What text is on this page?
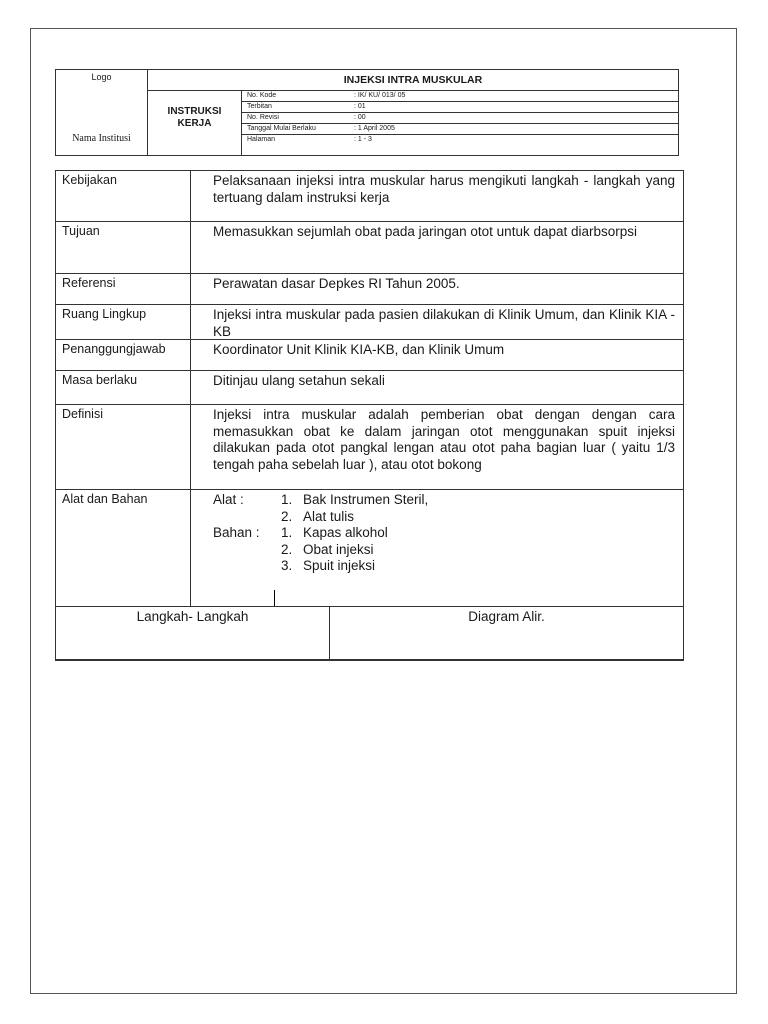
Logo
Nama Institusi
INJEKSI INTRA MUSKULAR
INSTRUKSI
KERJA
No. Kode	: IK/ KU/ 013/ 05
Terbitan	: 01
No. Revisi	: 00
Tanggal Mulai Berlaku	: 1 April 2005
Halaman	: 1 - 3
Kebijakan	Pelaksanaan injeksi intra muskular harus mengikuti langkah - langkah yang tertuang dalam instruksi kerja
Tujuan	Memasukkan sejumlah obat pada jaringan otot untuk dapat diarbsorpsi
Referensi	Perawatan dasar Depkes RI Tahun 2005.
Ruang Lingkup	Injeksi intra muskular pada pasien dilakukan di Klinik Umum, dan Klinik KIA - KB
Penanggungjawab	Koordinator Unit Klinik KIA-KB, dan Klinik Umum
Masa berlaku	Ditinjau ulang setahun sekali
Definisi	Injeksi intra muskular adalah pemberian obat dengan dengan cara memasukkan obat ke dalam jaringan otot menggunakan spuit injeksi dilakukan pada otot pangkal lengan atau otot paha bagian luar ( yaitu 1/3 tengah paha sebelah luar ), atau otot bokong
Alat dan Bahan	Alat :	1. Bak Instrumen Steril,
2. Alat tulis
Bahan : 1. Kapas alkohol
2. Obat injeksi
3. Spuit injeksi
Langkah- Langkah	Diagram Alir.
